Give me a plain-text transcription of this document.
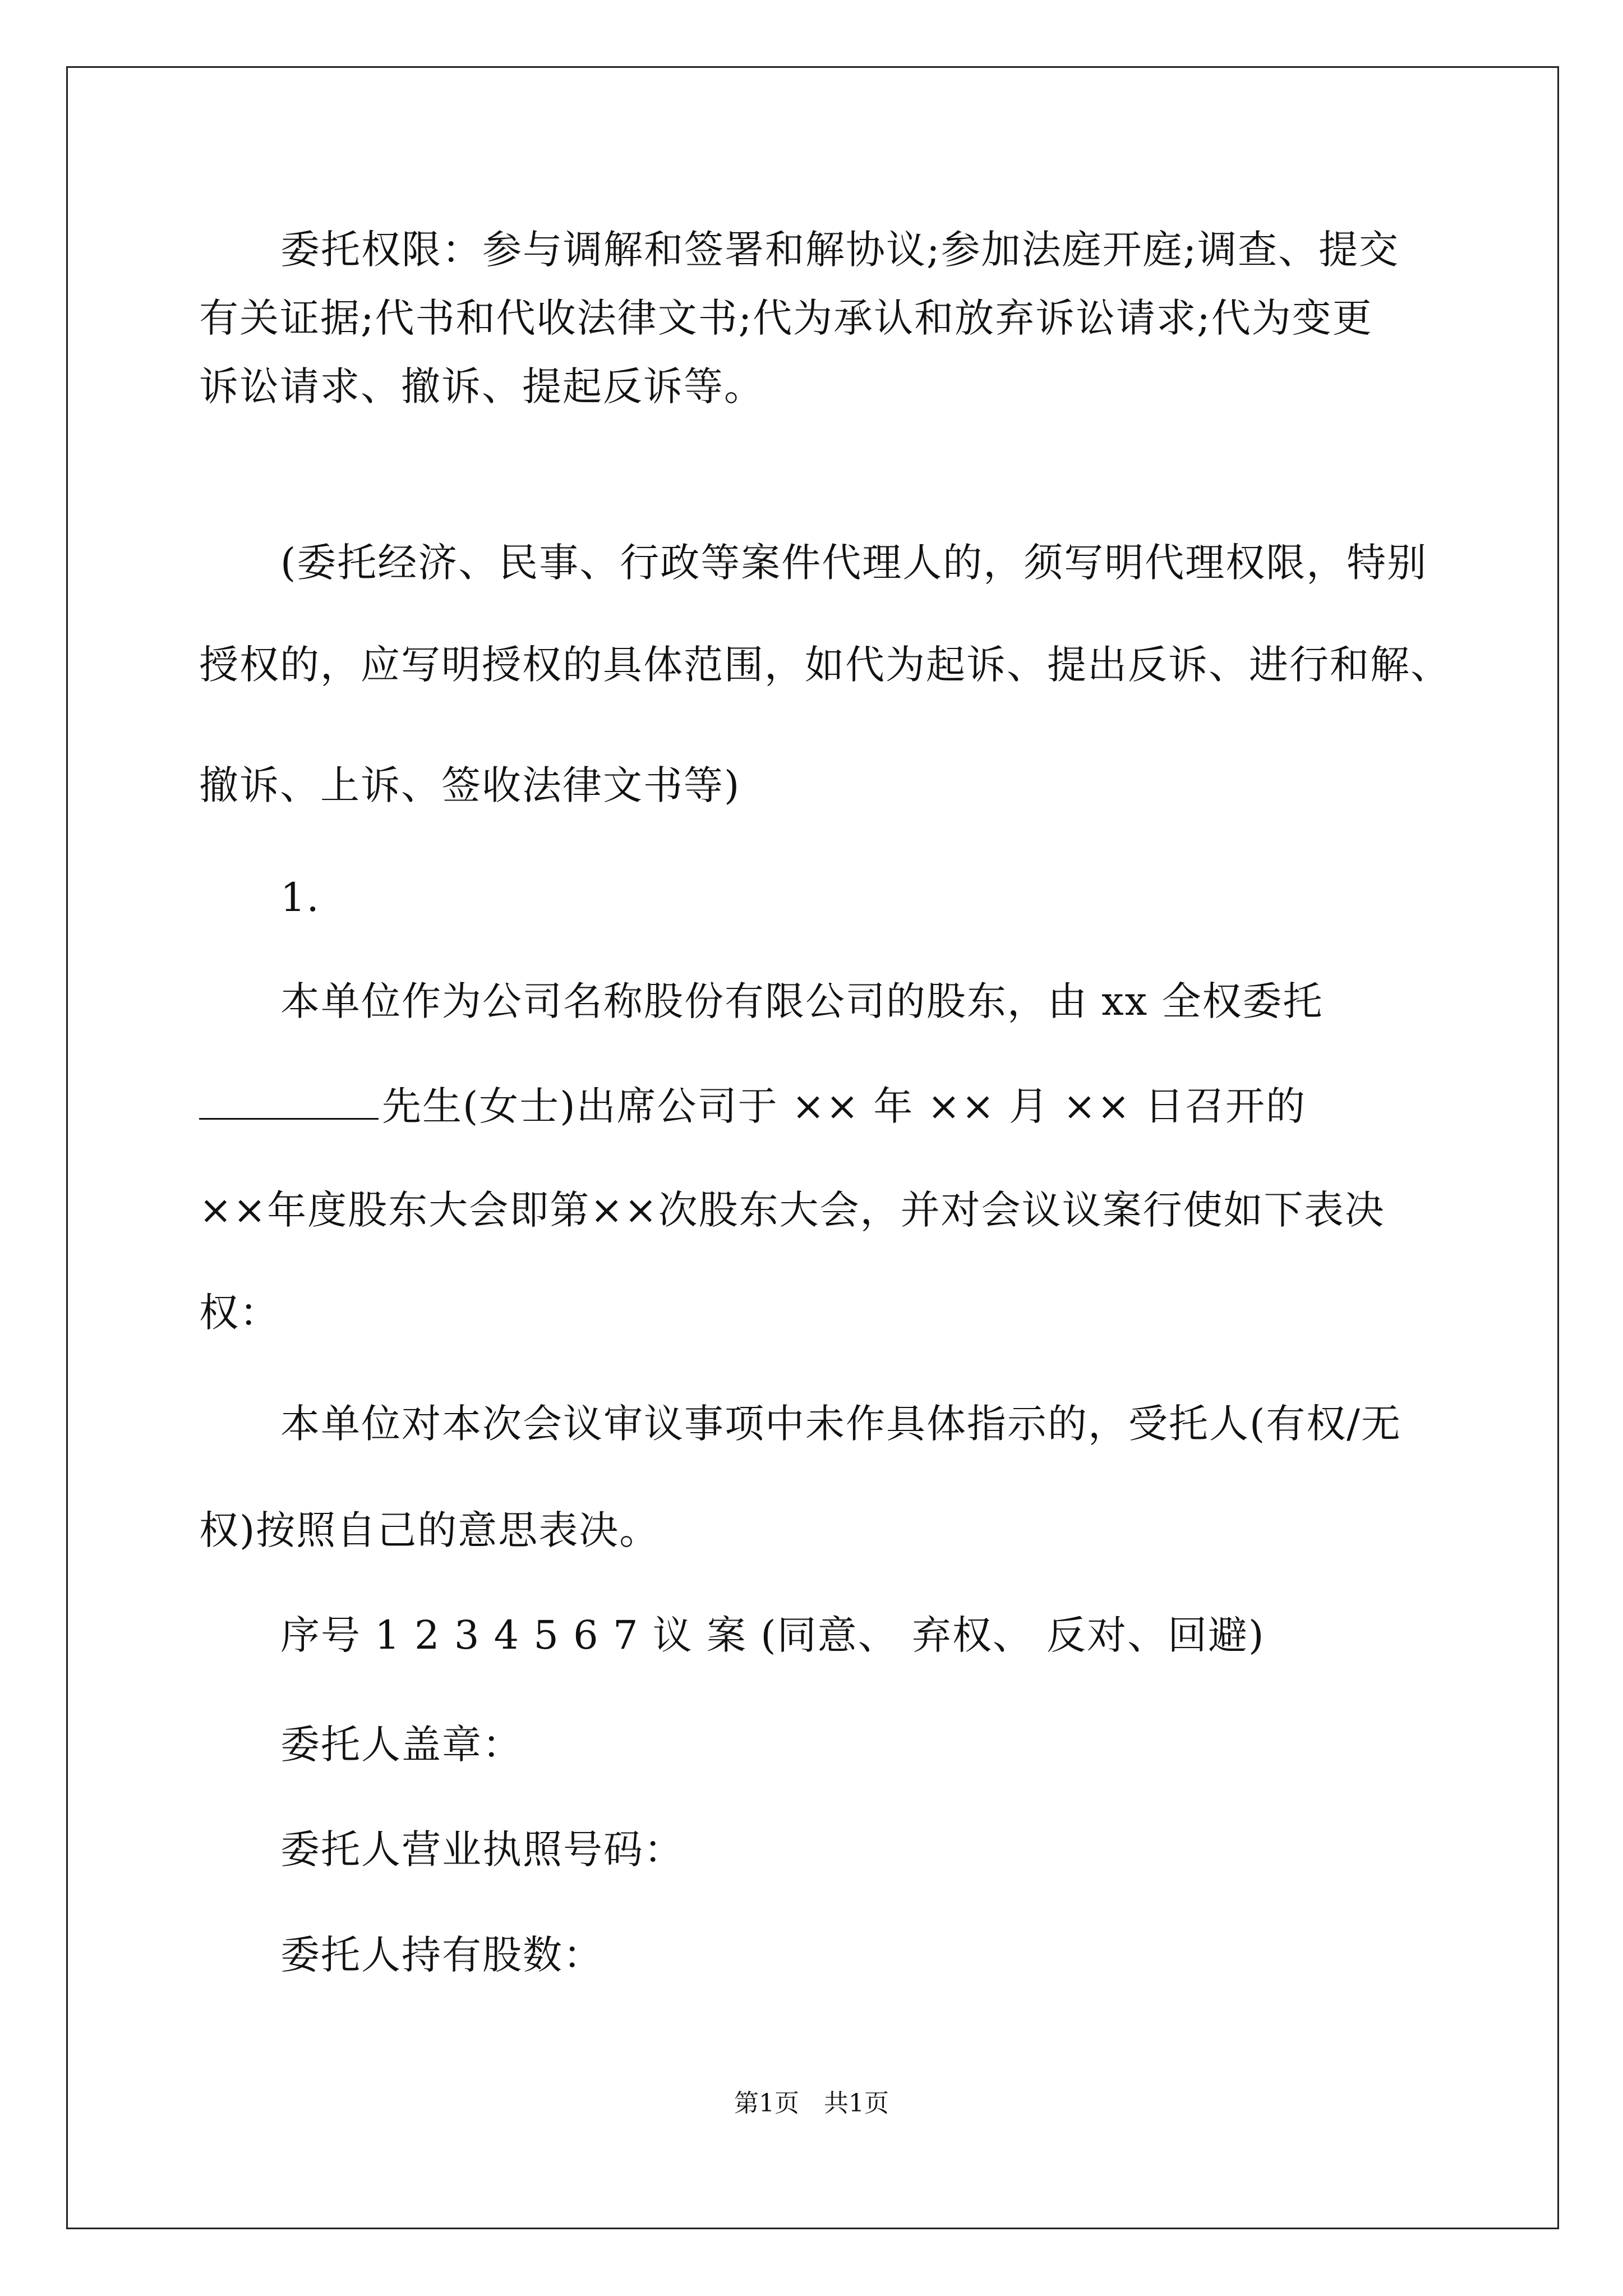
委托权限：参与调解和签署和解协议;参加法庭开庭;调查、提交
有关证据;代书和代收法律文书;代为承认和放弃诉讼请求;代为变更
诉讼请求、撤诉、提起反诉等。
(委托经济、民事、行政等案件代理人的，须写明代理权限，特别
授权的，应写明授权的具体范围，如代为起诉、提出反诉、进行和解、
撤诉、上诉、签收法律文书等)
1.
本单位作为公司名称股份有限公司的股东，由 xx 全权委托
先生(女士)出席公司于 ×× 年 ×× 月 ×× 日召开的
××年度股东大会即第××次股东大会，并对会议议案行使如下表决
权：
本单位对本次会议审议事项中未作具体指示的，受托人(有权/无
权)按照自己的意思表决。
序号 1 2 3 4 5 6 7 议 案 (同意、 弃权、 反对、回避)
委托人盖章：
委托人营业执照号码：
委托人持有股数：
第1页　共1页
